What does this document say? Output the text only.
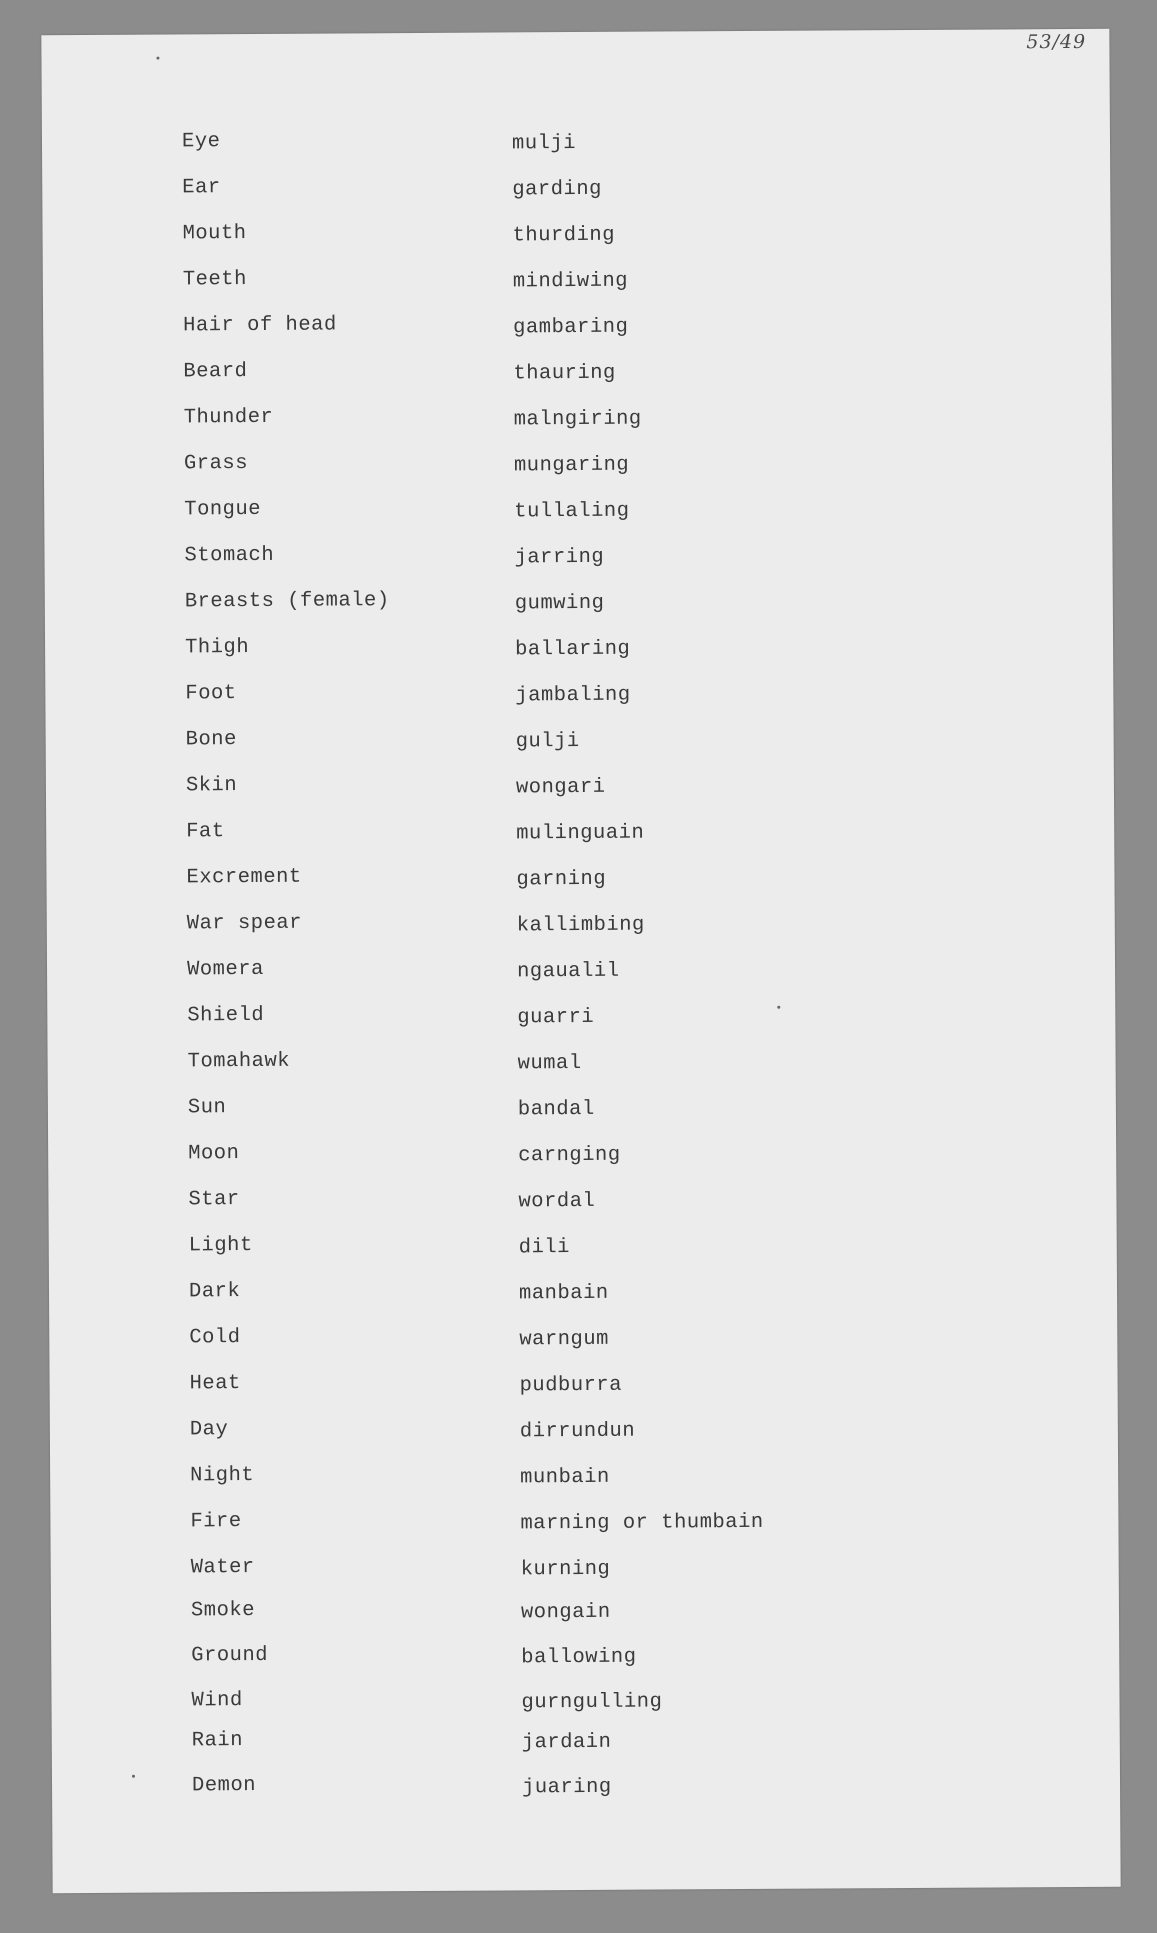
53/49
Eye	mulji
Ear	garding
Mouth	thurding
Teeth	mindiwing
Hair of head	gambaring
Beard	thauring
Thunder	malngiring
Grass	mungaring
Tongue	tullaling
Stomach	jarring
Breasts (female)	gumwing
Thigh	ballaring
Foot	jambaling
Bone	gulji
Skin	wongari
Fat	mulinguain
Excrement	garning
War spear	kallimbing
Womera	ngaualil
Shield	guarri
Tomahawk	wumal
Sun	bandal
Moon	carnging
Star	wordal
Light	dili
Dark	manbain
Cold	warngum
Heat	pudburra
Day	dirrundun
Night	munbain
Fire	marning or thumbain
Water	kurning
Smoke	wongain
Ground	ballowing
Wind	gurngulling
Rain	jardain
Demon	juaring
